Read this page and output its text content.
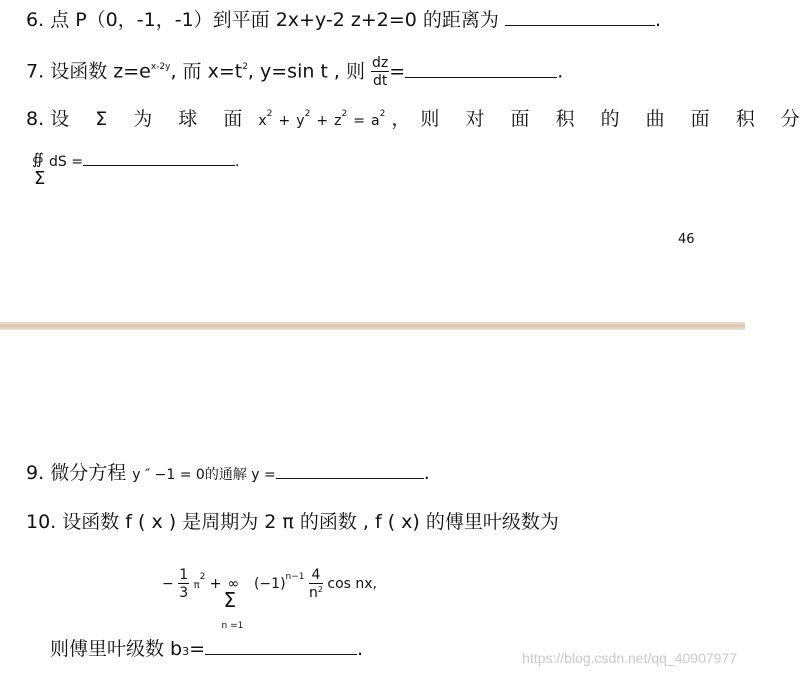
6. 点 P（0，-1，-1）到平面 2x+y-2 z+2=0 的距离为	.
7. 设函数 $z=e^{x-2y}$, 而 $x=t^2$, y=sin t , 则 $\frac{dz}{dt}$ =	.
8. 设 Σ 为 球 面 $x^2 + y^2 + z^2 = a^2$ ，则 对 面 积 的 曲 面 积 分
∯
Σ
dS =	.
46
9. 微分方程 y ″ −1 = 0的通解 y =	.
10. 设函数 f ( x ) 是周期为 2 π 的函数 , f ( x) 的傅里叶级数为
− $\frac{1}{3} \pi^2$ + ∞
Σ
n =1
$(-1)^{n-1} \frac{4}{n^2}$ cos nx,
则傅里叶级数 b3=	.	https://blog.csdn.net/qq_40907977
